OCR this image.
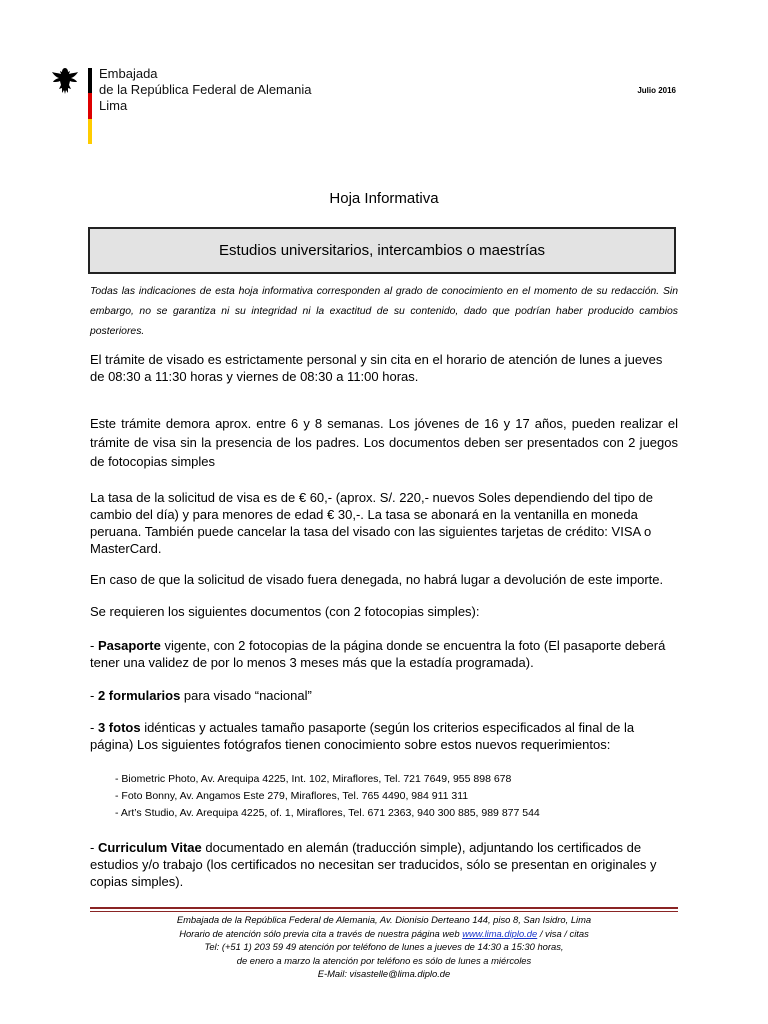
Embajada
de la República Federal de Alemania
Lima
Julio 2016
Hoja Informativa
Estudios universitarios, intercambios o maestrías
Todas las indicaciones de esta hoja informativa corresponden al grado de conocimiento en el momento de su redacción. Sin embargo, no se garantiza ni su integridad ni la exactitud de su contenido, dado que podrían haber producido cambios posteriores.

El trámite de visado es estrictamente personal y sin cita en el horario de atención de lunes a jueves de 08:30 a 11:30 horas y viernes de 08:30 a 11:00 horas.

Este trámite demora aprox. entre 6 y 8 semanas. Los jóvenes de 16 y 17 años, pueden realizar el trámite de visa sin la presencia de los padres. Los documentos deben ser presentados con 2 juegos de fotocopias simples

La tasa de la solicitud de visa es de € 60,- (aprox. S/. 220,- nuevos Soles dependiendo del tipo de cambio del día) y para menores de edad € 30,-. La tasa se abonará en la ventanilla en moneda peruana. También puede cancelar la tasa del visado con las siguientes tarjetas de crédito: VISA o MasterCard.

En caso de que la solicitud de visado fuera denegada, no habrá lugar a devolución de este importe.

Se requieren los siguientes documentos (con 2 fotocopias simples):

- Pasaporte vigente, con 2 fotocopias de la página donde se encuentra la foto (El pasaporte deberá tener una validez de por lo menos 3 meses más que la estadía programada).

- 2 formularios para visado “nacional”

- 3 fotos idénticas y actuales tamaño pasaporte (según los criterios especificados al final de la página) Los siguientes fotógrafos tienen conocimiento sobre estos nuevos requerimientos:

- Biometric Photo, Av. Arequipa 4225, Int. 102, Miraflores, Tel. 721 7649, 955 898 678
- Foto Bonny, Av. Angamos Este 279, Miraflores, Tel. 765 4490, 984 911 311
- Art’s Studio, Av. Arequipa 4225, of. 1, Miraflores, Tel. 671 2363, 940 300 885, 989 877 544

- Curriculum Vitae documentado en alemán (traducción simple), adjuntando los certificados de estudios y/o trabajo (los certificados no necesitan ser traducidos, sólo se presentan en originales y copias simples).

Embajada de la República Federal de Alemania, Av. Dionisio Derteano 144, piso 8, San Isidro, Lima
Horario de atención sólo previa cita a través de nuestra página web www.lima.diplo.de / visa / citas
Tel: (+51 1) 203 59 49 atención por teléfono de lunes a jueves de 14:30 a 15:30 horas,
de enero a marzo la atención por teléfono es sólo de lunes a miércoles
E-Mail: visastelle@lima.diplo.de
